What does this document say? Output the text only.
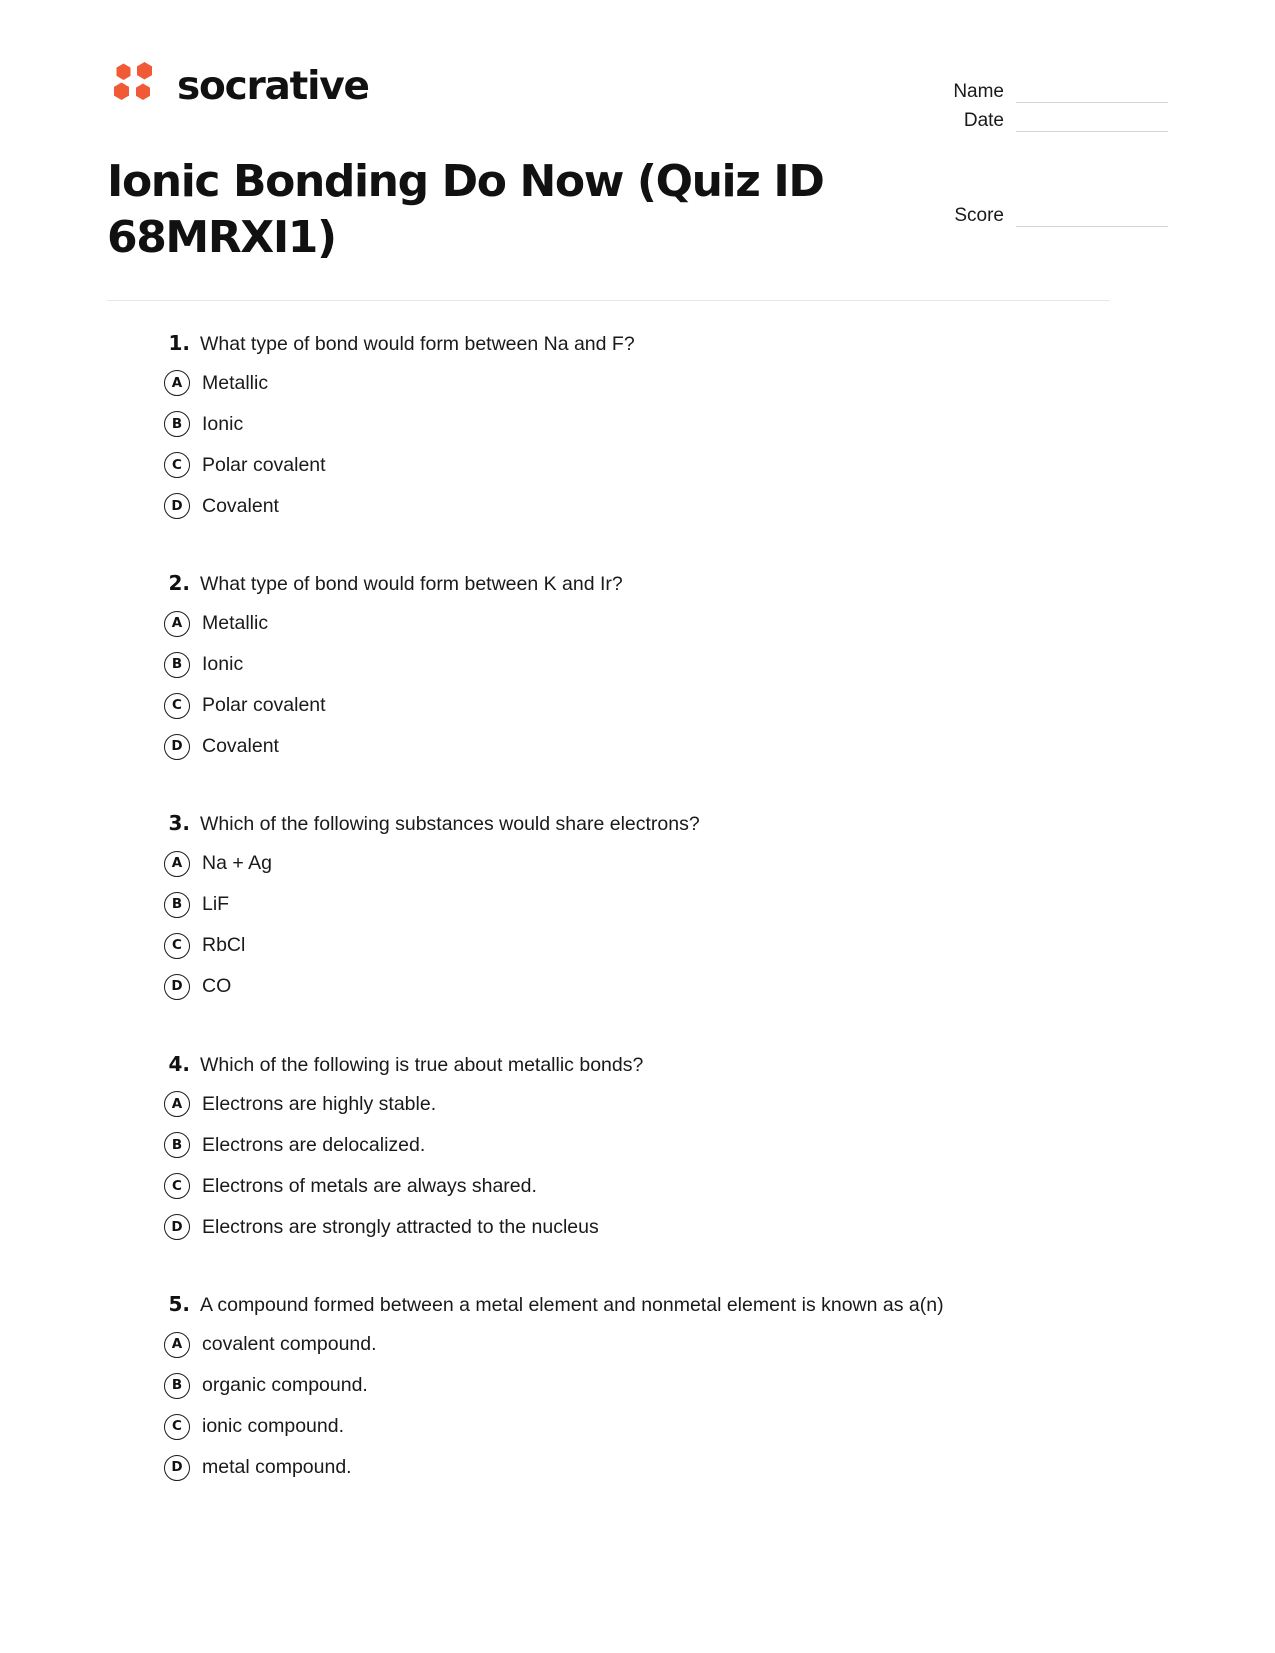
socrative	Name
Date
Ionic Bonding Do Now (Quiz ID 68MRXI1)	Score
1. What type of bond would form between Na and F?
A	Metallic
B	Ionic
C	Polar covalent
D Covalent
2. What type of bond would form between K and Ir?
A	Metallic
B	Ionic
C	Polar covalent
D Covalent
3. Which of the following substances would share electrons?
A	Na + Ag
B	LiF
C	RbCl
D CO
4. Which of the following is true about metallic bonds?
A	Electrons are highly stable.
B	Electrons are delocalized.
C	Electrons of metals are always shared.
D Electrons are strongly attracted to the nucleus
5. A compound formed between a metal element and nonmetal element is known as a(n)
A	covalent compound.
B	organic compound.
C	ionic compound.
D metal compound.
